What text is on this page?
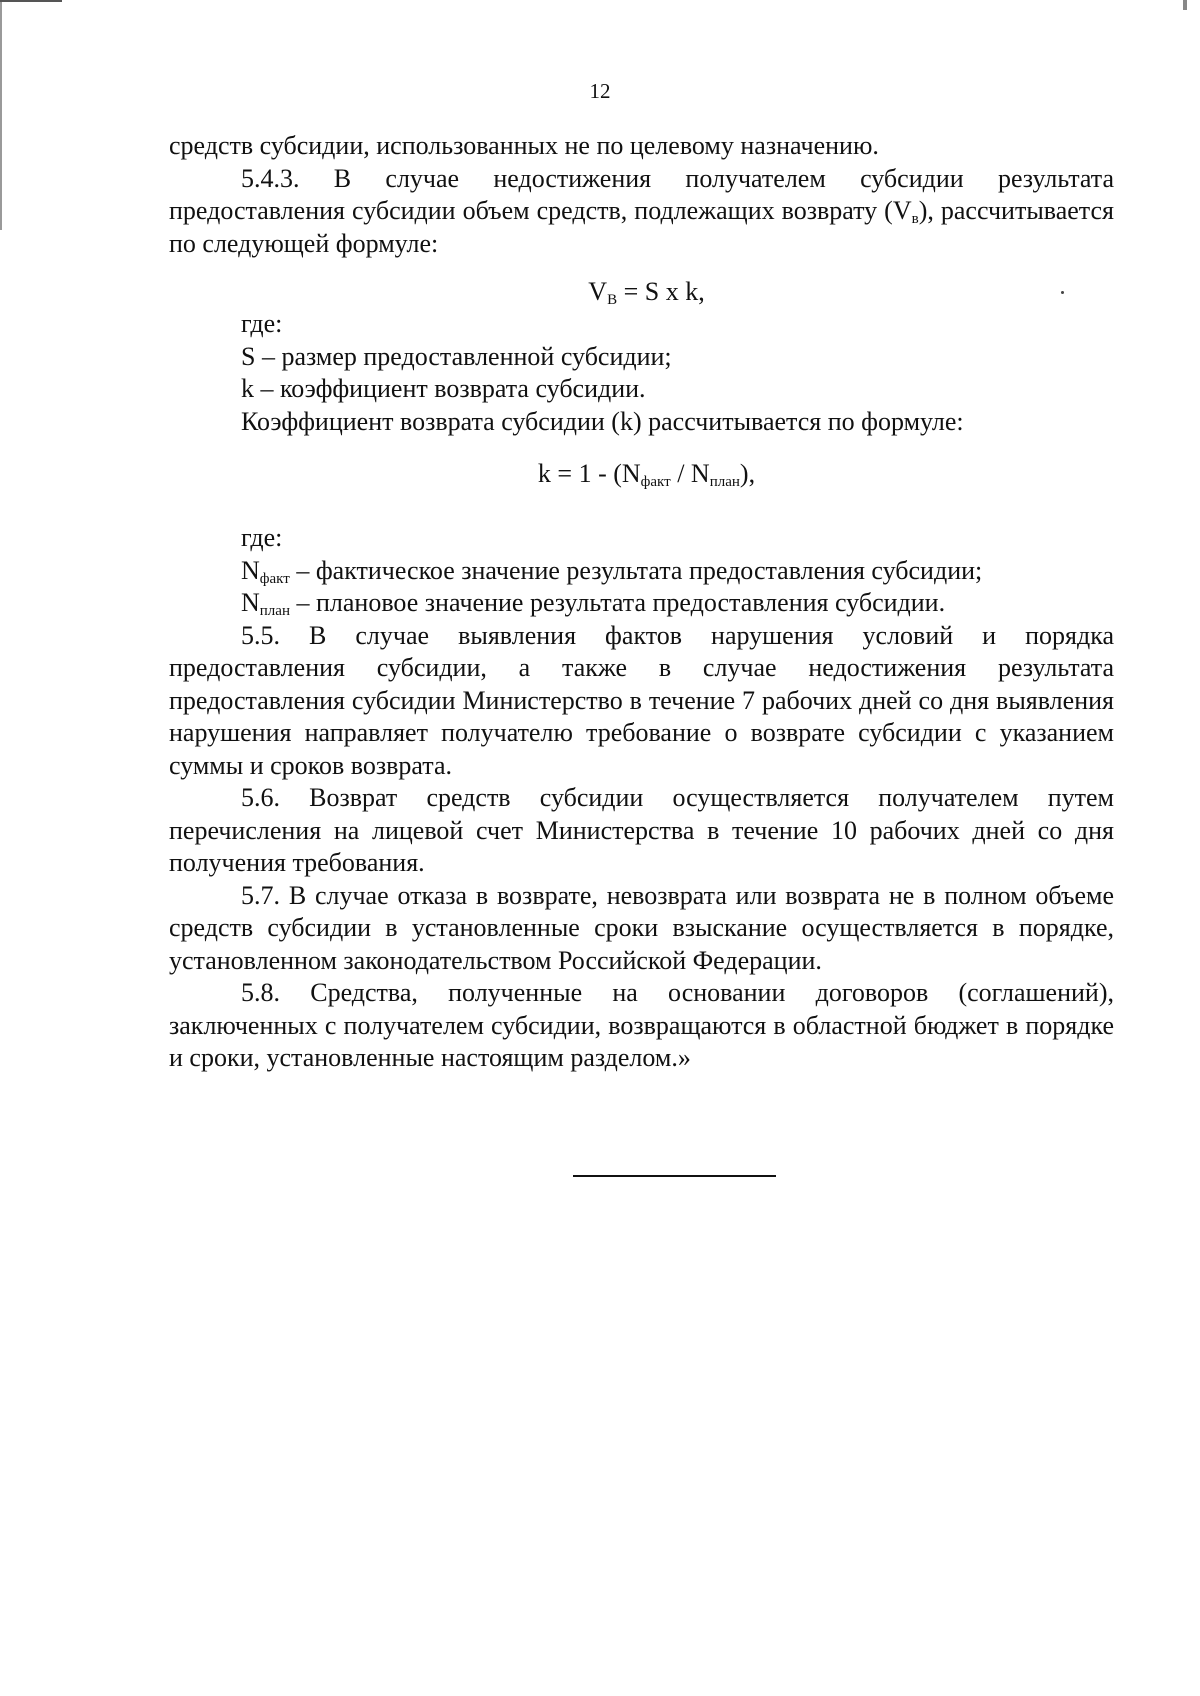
12

средств субсидии, использованных не по целевому назначению.

5.4.3. В случае недостижения получателем субсидии результата предоставления субсидии объем средств, подлежащих возврату $(V_в)$, рассчитывается по следующей формуле:

$V_B = S$ x k,

где:

S – размер предоставленной субсидии;

k – коэффициент возврата субсидии.

Коэффициент возврата субсидии (k) рассчитывается по формуле:

$k = 1 - (N_{факт} / N_{план})$,

где:

$N_{факт}$ – фактическое значение результата предоставления субсидии;

$N_{план}$ – плановое значение результата предоставления субсидии.

5.5. В случае выявления фактов нарушения условий и порядка предоставления субсидии, а также в случае недостижения результата предоставления субсидии Министерство в течение 7 рабочих дней со дня выявления нарушения направляет получателю требование о возврате субсидии с указанием суммы и сроков возврата.

5.6. Возврат средств субсидии осуществляется получателем путем перечисления на лицевой счет Министерства в течение 10 рабочих дней со дня получения требования.

5.7. В случае отказа в возврате, невозврата или возврата не в полном объеме средств субсидии в установленные сроки взыскание осуществляется в порядке, установленном законодательством Российской Федерации.

5.8. Средства, полученные на основании договоров (соглашений), заключенных с получателем субсидии, возвращаются в областной бюджет в порядке и сроки, установленные настоящим разделом.»
